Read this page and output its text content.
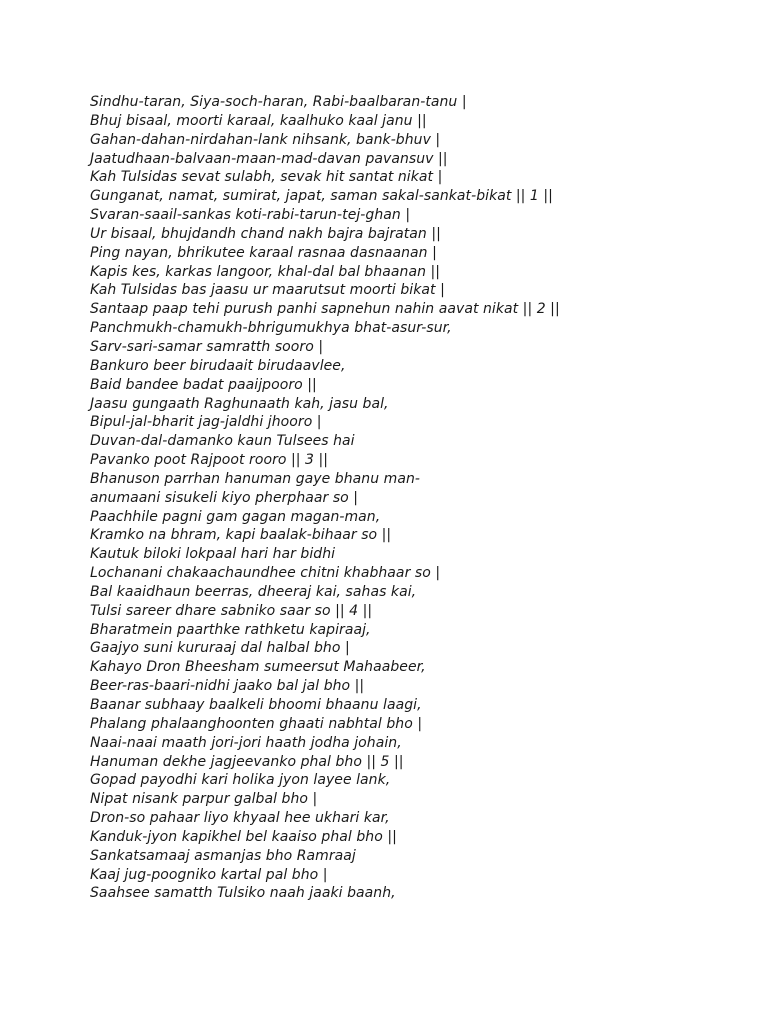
Sindhu-taran, Siya-soch-haran, Rabi-baalbaran-tanu |
Bhuj bisaal, moorti karaal, kaalhuko kaal janu ||
Gahan-dahan-nirdahan-lank nihsank, bank-bhuv |
Jaatudhaan-balvaan-maan-mad-davan pavansuv ||
Kah Tulsidas sevat sulabh, sevak hit santat nikat |
Gunganat, namat, sumirat, japat, saman sakal-sankat-bikat || 1 ||
Svaran-saail-sankas koti-rabi-tarun-tej-ghan |
Ur bisaal, bhujdandh chand nakh bajra bajratan ||
Ping nayan, bhrikutee karaal rasnaa dasnaanan |
Kapis kes, karkas langoor, khal-dal bal bhaanan ||
Kah Tulsidas bas jaasu ur maarutsut moorti bikat |
Santaap paap tehi purush panhi sapnehun nahin aavat nikat || 2 ||
Panchmukh-chamukh-bhrigumukhya bhat-asur-sur,
Sarv-sari-samar samratth sooro |
Bankuro beer birudaait birudaavlee,
Baid bandee badat paaijpooro ||
Jaasu gungaath Raghunaath kah, jasu bal,
Bipul-jal-bharit jag-jaldhi jhooro |
Duvan-dal-damanko kaun Tulsees hai
Pavanko poot Rajpoot rooro || 3 ||
Bhanuson parrhan hanuman gaye bhanu man-
anumaani sisukeli kiyo pherphaar so |
Paachhile pagni gam gagan magan-man,
Kramko na bhram, kapi baalak-bihaar so ||
Kautuk biloki lokpaal hari har bidhi
Lochanani chakaachaundhee chitni khabhaar so |
Bal kaaidhaun beerras, dheeraj kai, sahas kai,
Tulsi sareer dhare sabniko saar so || 4 ||
Bharatmein paarthke rathketu kapiraaj,
Gaajyo suni kururaaj dal halbal bho |
Kahayo Dron Bheesham sumeersut Mahaabeer,
Beer-ras-baari-nidhi jaako bal jal bho ||
Baanar subhaay baalkeli bhoomi bhaanu laagi,
Phalang phalaanghoonten ghaati nabhtal bho |
Naai-naai maath jori-jori haath jodha johain,
Hanuman dekhe jagjeevanko phal bho || 5 ||
Gopad payodhi kari holika jyon layee lank,
Nipat nisank parpur galbal bho |
Dron-so pahaar liyo khyaal hee ukhari kar,
Kanduk-jyon kapikhel bel kaaiso phal bho ||
Sankatsamaaj asmanjas bho Ramraaj
Kaaj jug-poogniko kartal pal bho |
Saahsee samatth Tulsiko naah jaaki baanh,
